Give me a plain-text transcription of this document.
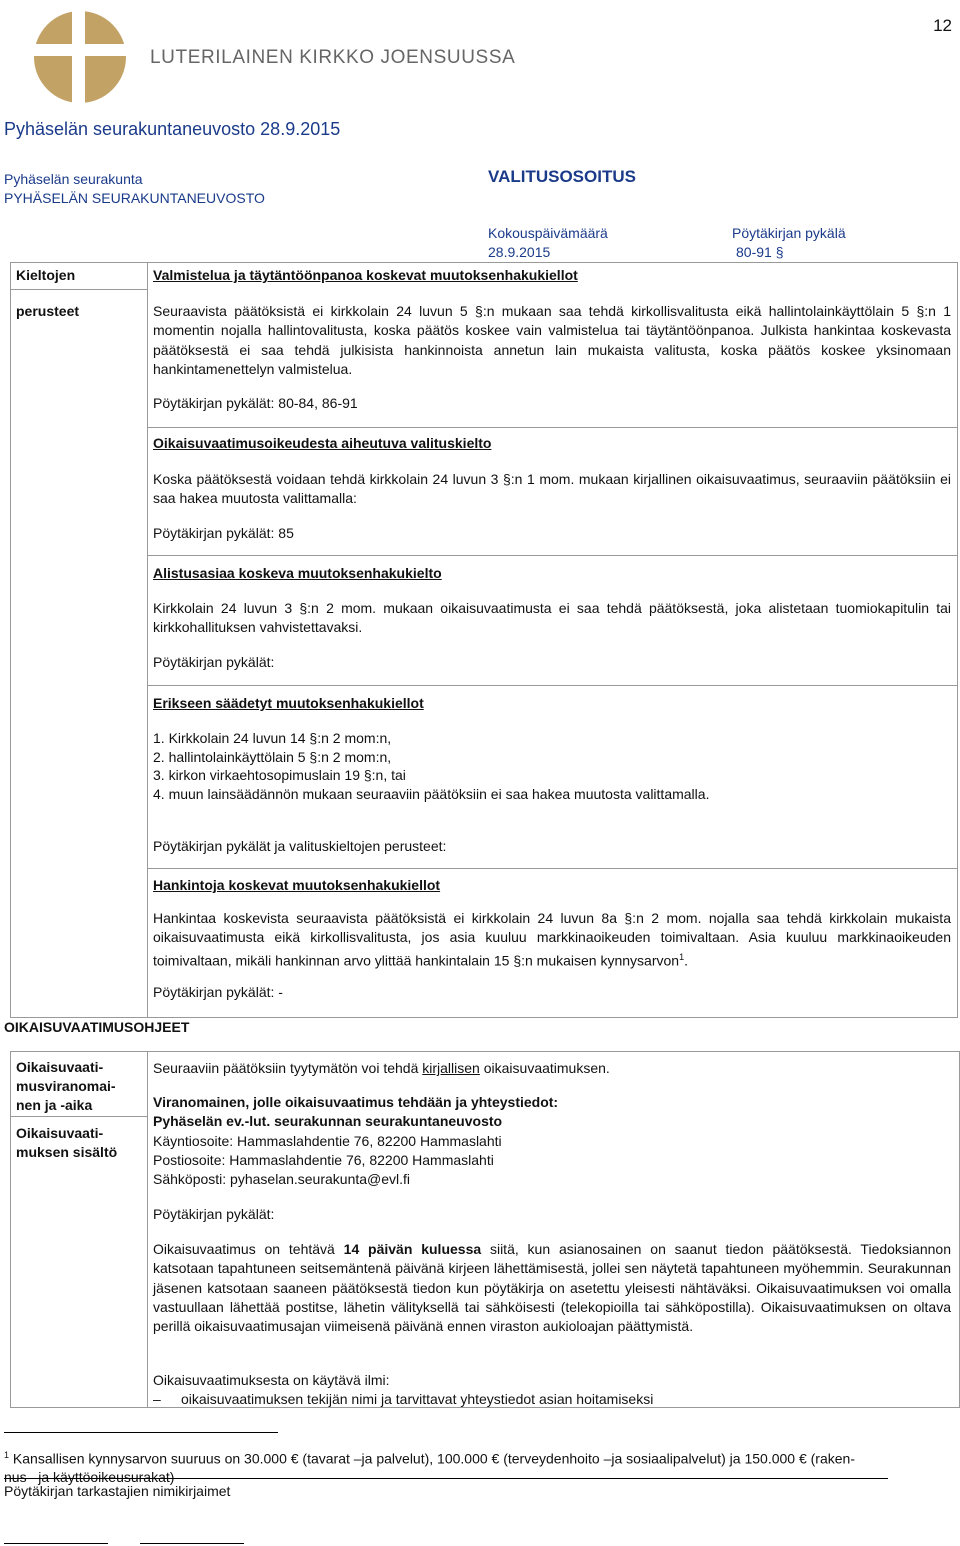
12
LUTERILAINEN KIRKKO JOENSUUSSA
Pyhäselän seurakuntaneuvosto 28.9.2015
Pyhäselän seurakunta
PYHÄSELÄN SEURAKUNTANEUVOSTO
VALITUSOSOITUS
Kokouspäivämäärä
28.9.2015
Pöytäkirjan pykälä
80-91 §
Kieltojen
perusteet
Valmistelua ja täytäntöönpanoa koskevat muutoksenhakukiellot

Seuraavista päätöksistä ei kirkkolain 24 luvun 5 §:n mukaan saa tehdä kirkollisvalitusta eikä hallintolainkäyttölain 5 §:n 1 momentin nojalla hallintovalitusta, koska päätös koskee vain valmistelua tai täytäntöönpanoa. Julkista hankintaa koskevasta päätöksestä ei saa tehdä julkisista hankinnoista annetun lain mukaista valitusta, koska päätös koskee yksinomaan hankintamenettelyn valmistelua.

Pöytäkirjan pykälät: 80-84, 86-91
Oikaisuvaatimusoikeudesta aiheutuva valituskielto

Koska päätöksestä voidaan tehdä kirkkolain 24 luvun 3 §:n 1 mom. mukaan kirjallinen oikaisuvaatimus, seuraaviin päätöksiin ei saa hakea muutosta valittamalla:

Pöytäkirjan pykälät: 85
Alistusasiaa koskeva muutoksenhakukielto

Kirkkolain 24 luvun 3 §:n 2 mom. mukaan oikaisuvaatimusta ei saa tehdä päätöksestä, joka alistetaan tuomiokapitulin tai kirkkohallituksen vahvistettavaksi.

Pöytäkirjan pykälät:
Erikseen säädetyt muutoksenhakukiellot
1. Kirkkolain 24 luvun 14 §:n 2 mom:n,
2. hallintolainkäyttölain 5 §:n 2 mom:n,
3. kirkon virkaehtosopimuslain 19 §:n, tai
4. muun lainsäädännön mukaan seuraaviin päätöksiin ei saa hakea muutosta valittamalla.
Pöytäkirjan pykälät ja valituskieltojen perusteet:
Hankintoja koskevat muutoksenhakukiellot

Hankintaa koskevista seuraavista päätöksistä ei kirkkolain 24 luvun 8a §:n 2 mom. nojalla saa tehdä kirkkolain mukaista oikaisuvaatimusta eikä kirkollisvalitusta, jos asia kuuluu markkinaoikeuden toimivaltaan. Asia kuuluu markkinaoikeuden toimivaltaan, mikäli hankinnan arvo ylittää hankintalain 15 §:n mukaisen kynnysarvon$^1$.

Pöytäkirjan pykälät: -
OIKAISUVAATIMUSOHJEET
Oikaisuvaati-musviranomai-nen ja -aika
Oikaisuvaati-muksen sisältö
Seuraaviin päätöksiin tyytymätön voi tehdä kirjallisen oikaisuvaatimuksen.
Viranomainen, jolle oikaisuvaatimus tehdään ja yhteystiedot:
Pyhäselän ev.-lut. seurakunnan seurakuntaneuvosto
Käyntiosoite: Hammaslahdentie 76, 82200 Hammaslahti
Postiosoite: Hammaslahdentie 76, 82200 Hammaslahti
Sähköposti: pyhaselan.seurakunta@evl.fi
Pöytäkirjan pykälät:

Oikaisuvaatimus on tehtävä 14 päivän kuluessa siitä, kun asianosainen on saanut tiedon päätöksestä. Tiedoksiannon katsotaan tapahtuneen seitsemäntenä päivänä kirjeen lähettämisestä, jollei sen näytetä tapahtuneen myöhemmin. Seurakunnan jäsenen katsotaan saaneen päätöksestä tiedon kun pöytäkirja on asetettu yleisesti nähtäväksi. Oikaisuvaatimuksen voi omalla vastuullaan lähettää postitse, lähetin välityksellä tai sähköisesti (telekopioilla tai sähköpostilla). Oikaisuvaatimuksen on oltava perillä oikaisuvaatimusajan viimeisenä päivänä ennen viraston aukioloajan päättymistä.

Oikaisuvaatimuksesta on käytävä ilmi:
– oikaisuvaatimuksen tekijän nimi ja tarvittavat yhteystiedot asian hoitamiseksi
$^1$ Kansallisen kynnysarvon suuruus on 30.000 € (tavarat –ja palvelut), 100.000 € (terveydenhoito –ja sosiaalipalvelut) ja 150.000 € (raken-
nus –ja käyttöoikeusurakat)
Pöytäkirjan tarkastajien nimikirjaimet
